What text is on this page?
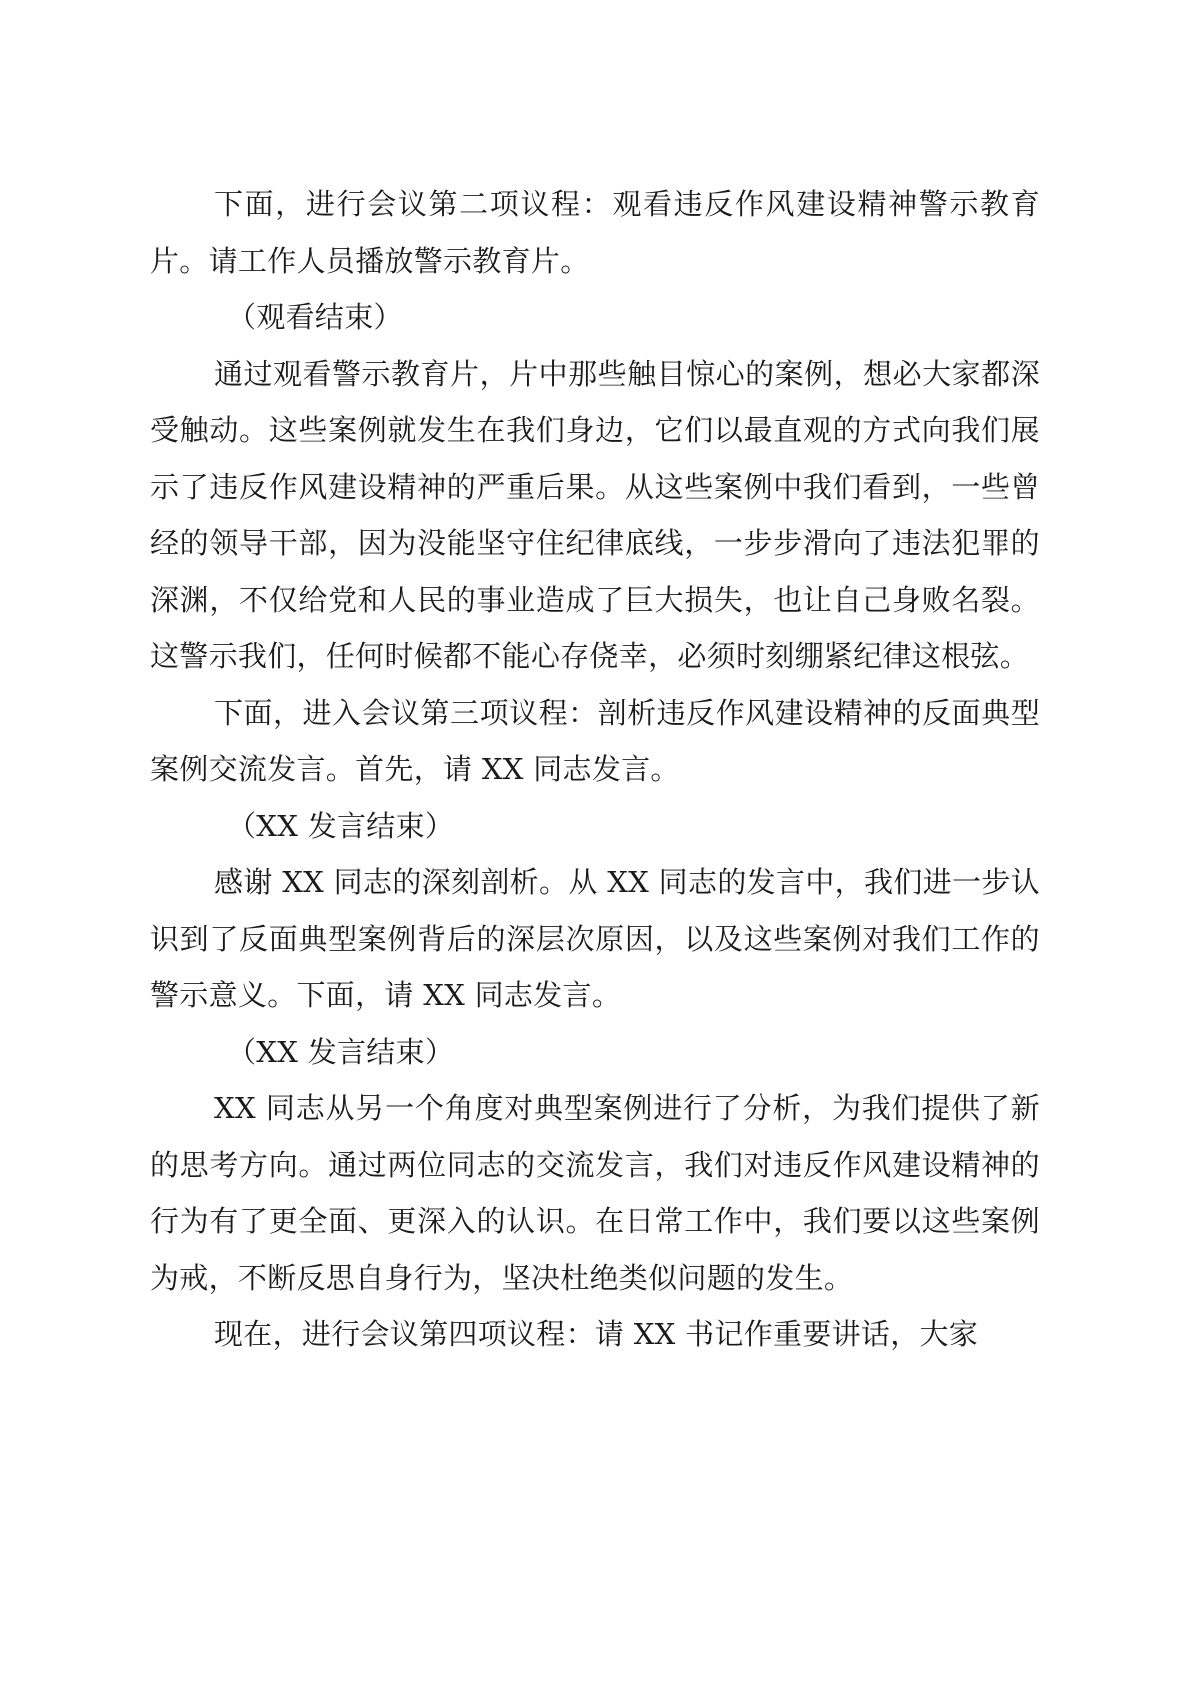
下面，进行会议第二项议程：观看违反作风建设精神警示教育片。请工作人员播放警示教育片。

（观看结束）

通过观看警示教育片，片中那些触目惊心的案例，想必大家都深受触动。这些案例就发生在我们身边，它们以最直观的方式向我们展示了违反作风建设精神的严重后果。从这些案例中我们看到，一些曾经的领导干部，因为没能坚守住纪律底线，一步步滑向了违法犯罪的深渊，不仅给党和人民的事业造成了巨大损失，也让自己身败名裂。这警示我们，任何时候都不能心存侥幸，必须时刻绷紧纪律这根弦。

下面，进入会议第三项议程：剖析违反作风建设精神的反面典型案例交流发言。首先，请 XX 同志发言。

（XX 发言结束）

感谢 XX 同志的深刻剖析。从 XX 同志的发言中，我们进一步认识到了反面典型案例背后的深层次原因，以及这些案例对我们工作的警示意义。下面，请 XX 同志发言。

（XX 发言结束）

XX 同志从另一个角度对典型案例进行了分析，为我们提供了新的思考方向。通过两位同志的交流发言，我们对违反作风建设精神的行为有了更全面、更深入的认识。在日常工作中，我们要以这些案例为戒，不断反思自身行为，坚决杜绝类似问题的发生。

现在，进行会议第四项议程：请 XX 书记作重要讲话，大家
